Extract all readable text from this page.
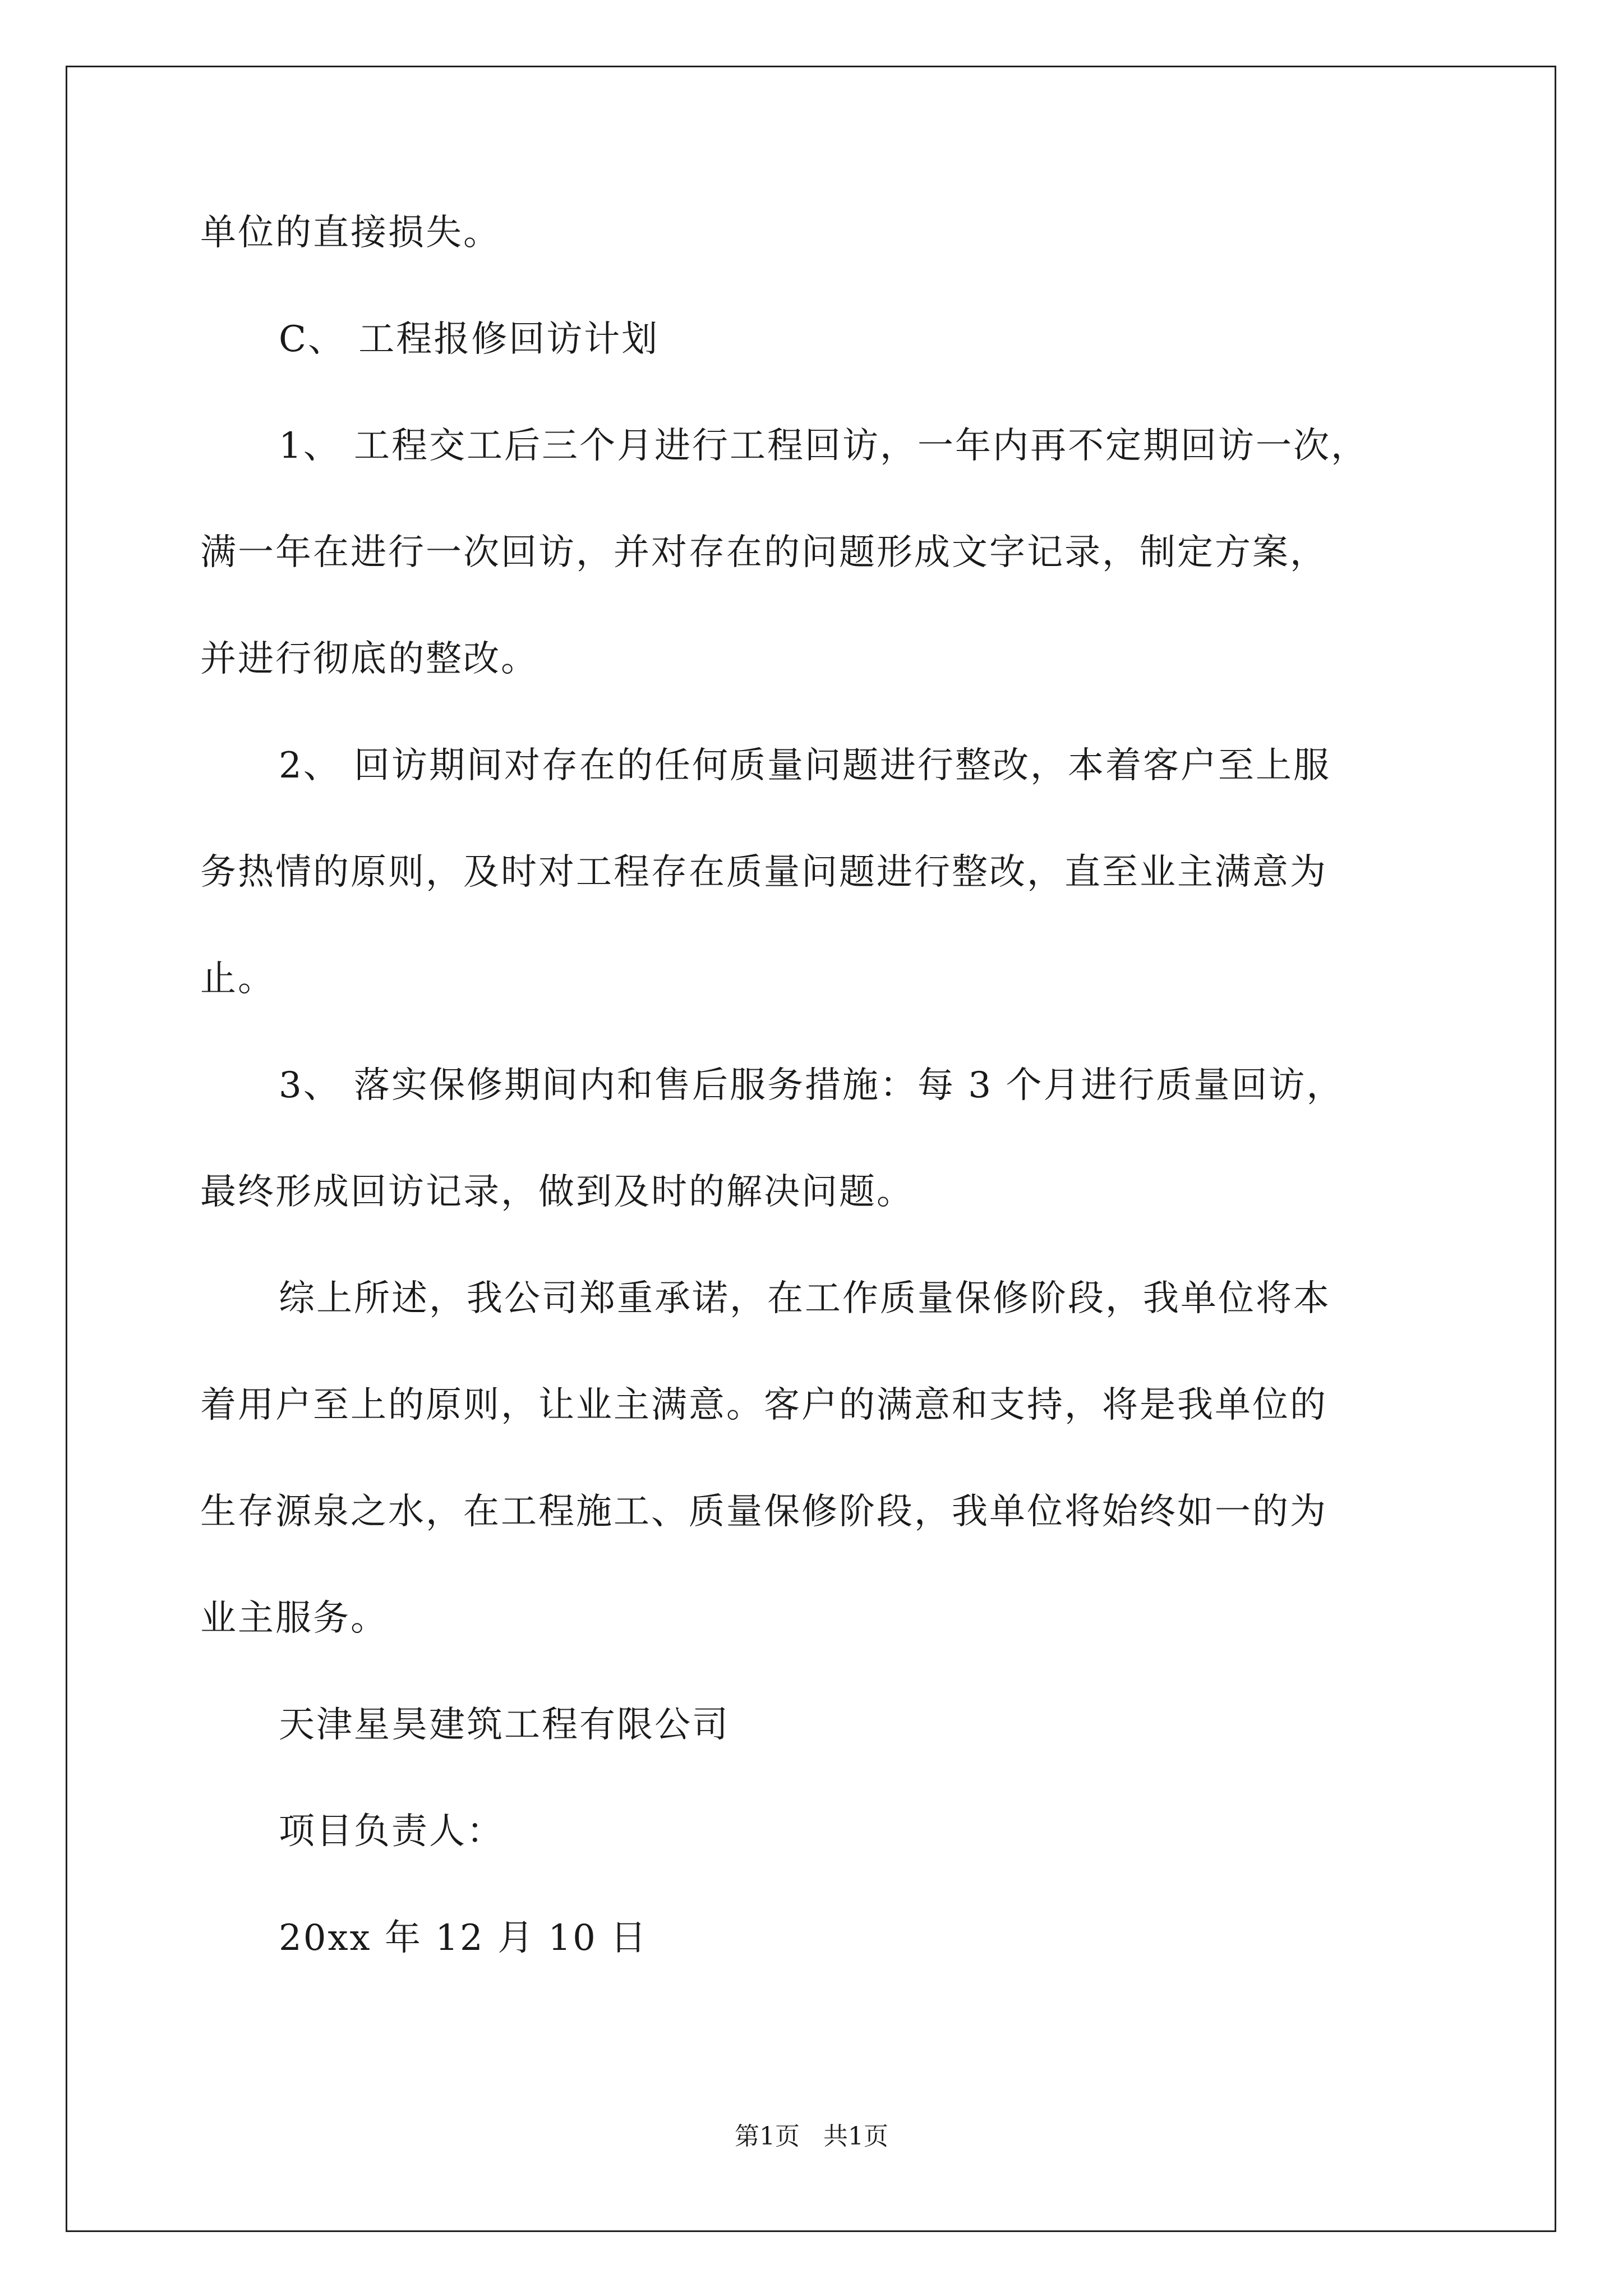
单位的直接损失。
C、 工程报修回访计划
1、 工程交工后三个月进行工程回访，一年内再不定期回访一次，
满一年在进行一次回访，并对存在的问题形成文字记录，制定方案，
并进行彻底的整改。
2、 回访期间对存在的任何质量问题进行整改，本着客户至上服
务热情的原则，及时对工程存在质量问题进行整改，直至业主满意为
止。
3、 落实保修期间内和售后服务措施：每 3 个月进行质量回访，
最终形成回访记录，做到及时的解决问题。
综上所述，我公司郑重承诺，在工作质量保修阶段，我单位将本
着用户至上的原则，让业主满意。客户的满意和支持，将是我单位的
生存源泉之水，在工程施工、质量保修阶段，我单位将始终如一的为
业主服务。
天津星昊建筑工程有限公司
项目负责人：
20xx 年 12 月 10 日
第1页   共1页
